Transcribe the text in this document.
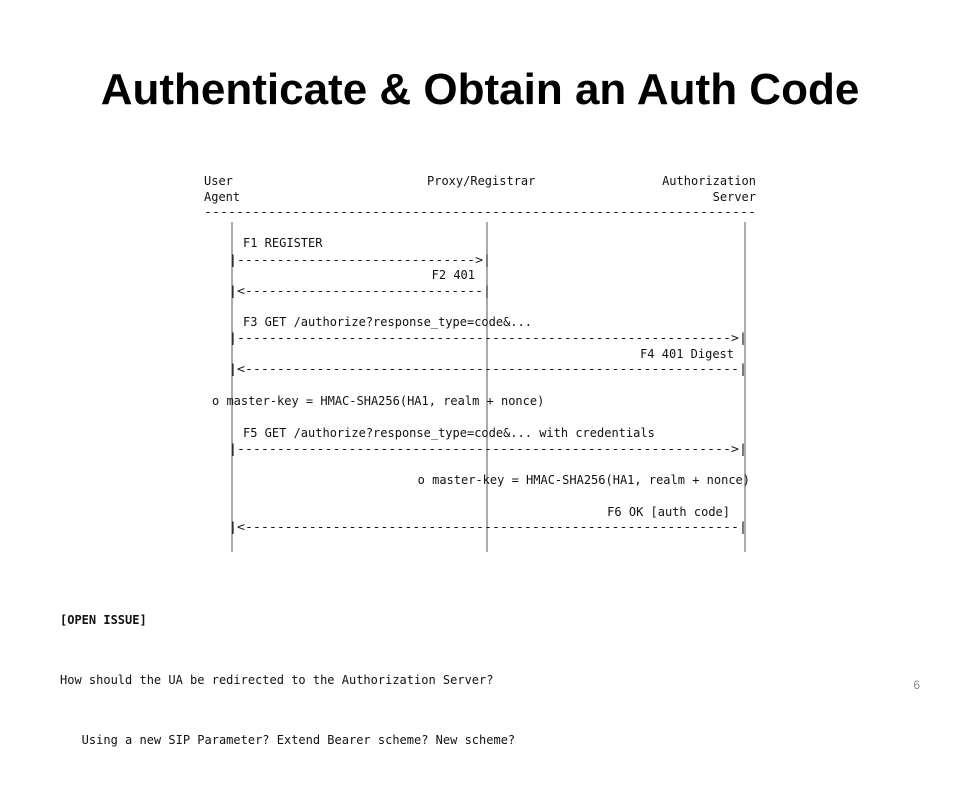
Authenticate & Obtain an Auth Code
User
Agent
Proxy/Registrar	Authorization
Server
---------------------------------------------------------------------
F1 REGISTER
|------------------------------>|
F2 401
|<------------------------------|
F3 GET /authorize?response_type=code&...
|-------------------------------------------------------------->|
F4 401 Digest
|<--------------------------------------------------------------|
o master-key = HMAC-SHA256(HA1, realm + nonce)
F5 GET /authorize?response_type=code&... with credentials
|-------------------------------------------------------------->|
o master-key = HMAC-SHA256(HA1, realm + nonce)
F6 OK [auth code]
|<--------------------------------------------------------------|

[OPEN ISSUE]

How should the UA be redirected to the Authorization Server?

Using a new SIP Parameter? Extend Bearer scheme? New scheme?

6
